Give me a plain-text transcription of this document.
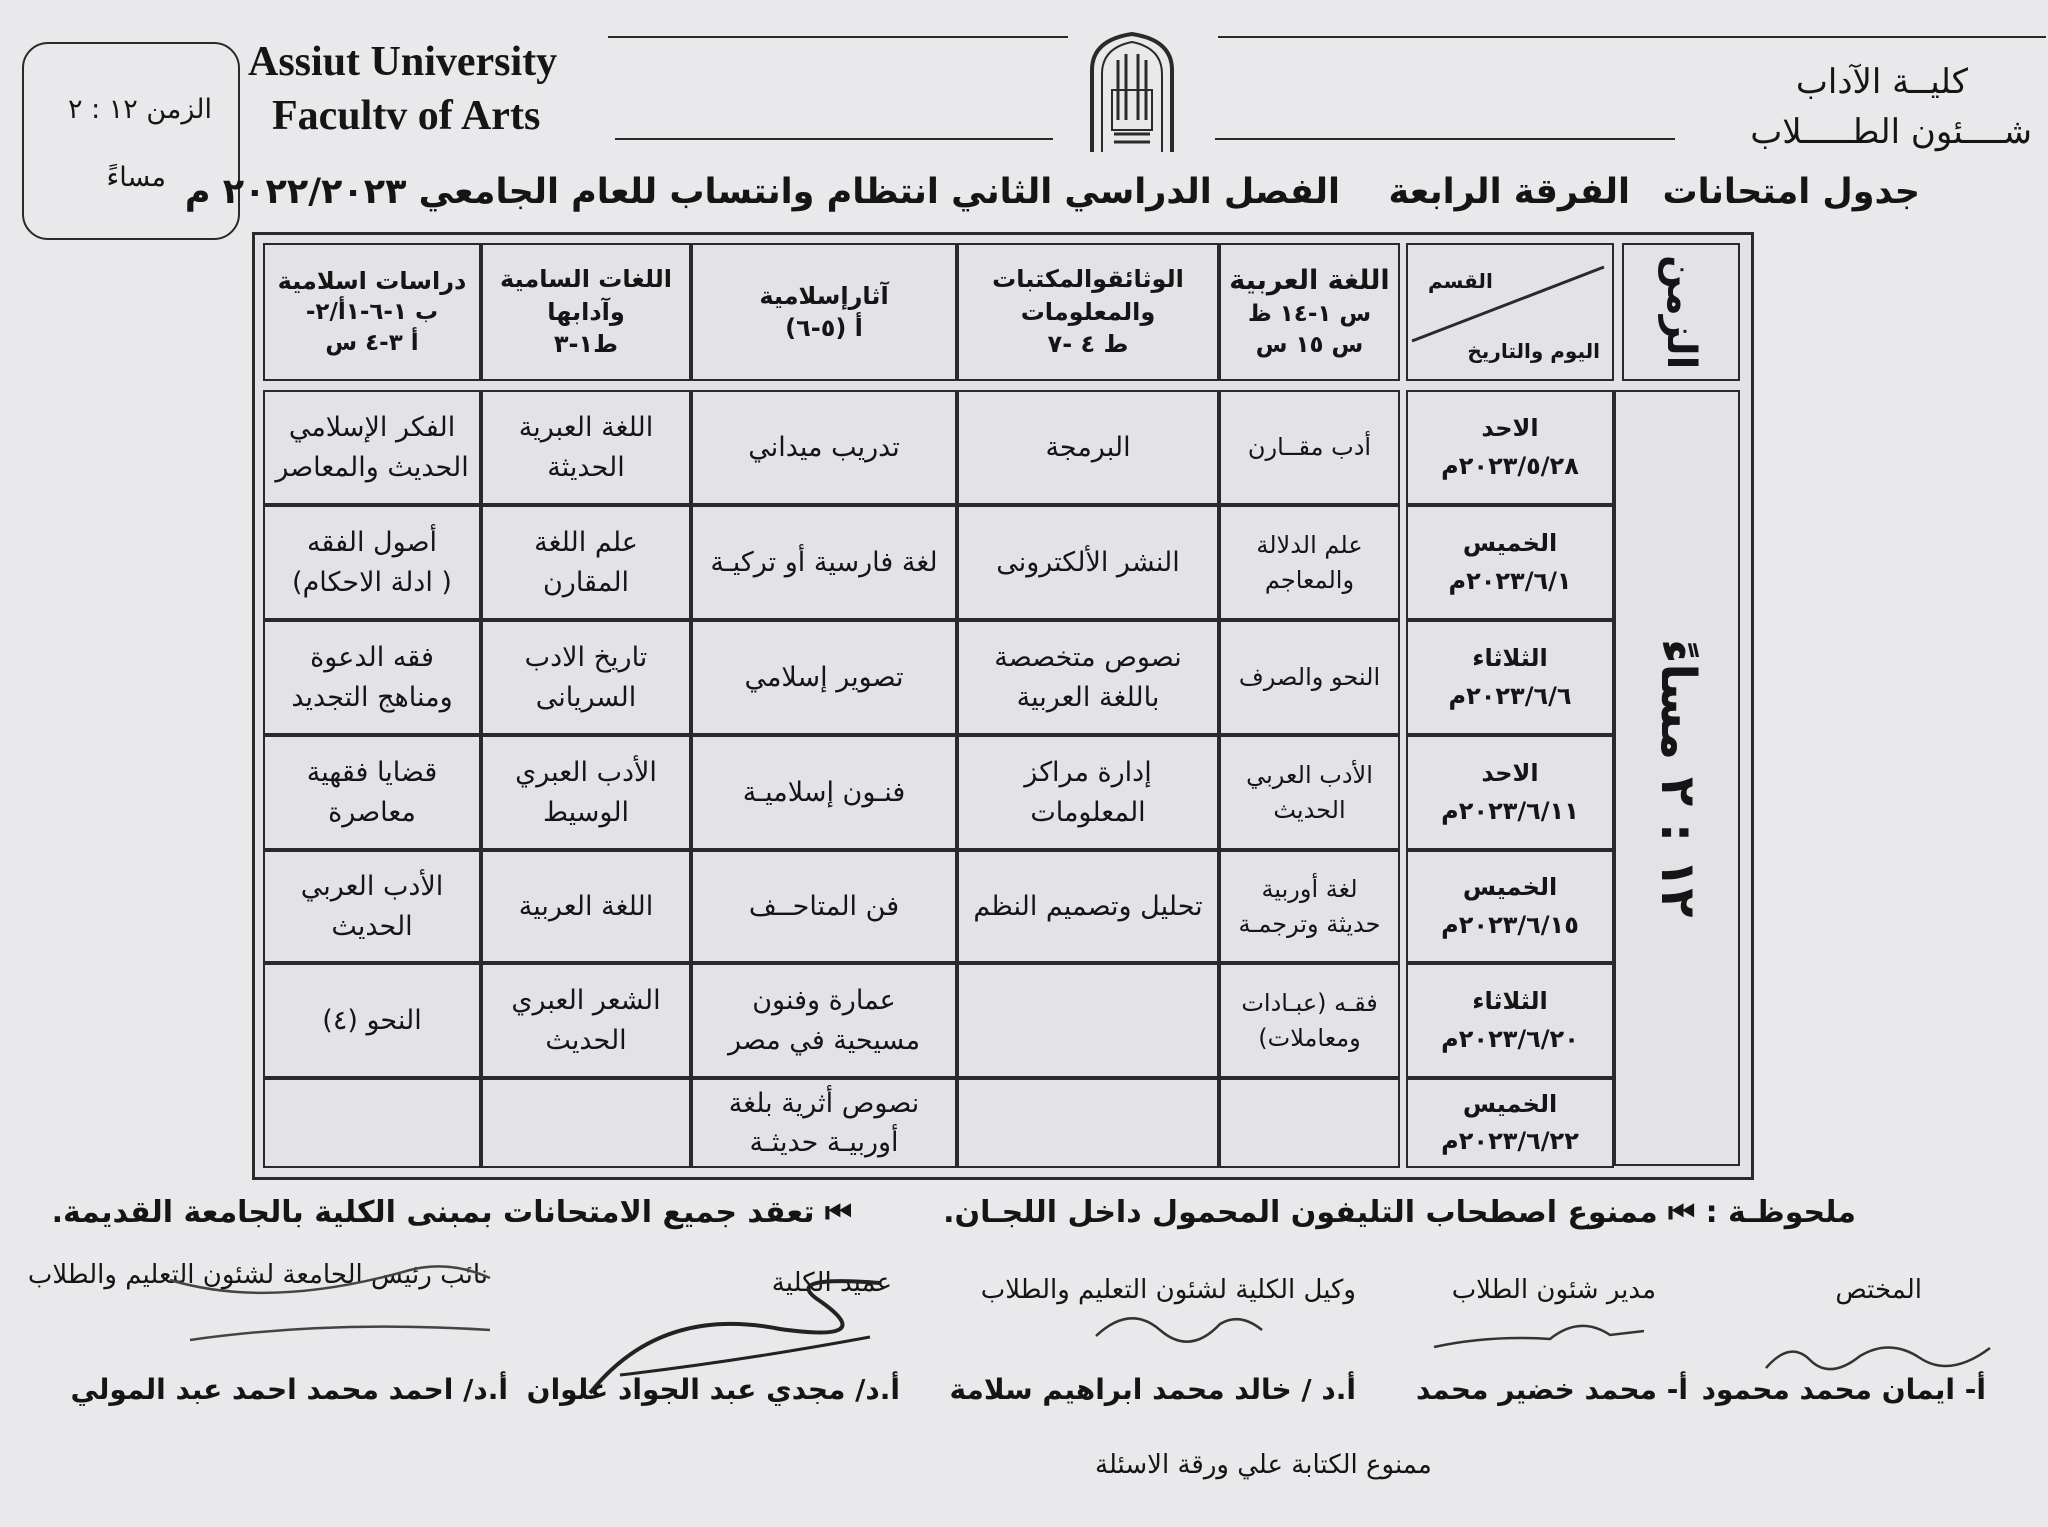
الزمن ١٢ : ٢
مساءً
Assiut University
Facultv of Arts
كليــة الآداب
شــــئون الطـــــلاب
جدول امتحانات
الفرقة الرابعة
الفصل الدراسي الثاني انتظام وانتساب للعام الجامعي ٢٠٢٢/٢٠٢٣ م
الزمن
١٢ : ٢ مساءً
القسم
اليوم والتاريخ
اللغة العربية
س ١-١٤ ظ
س ١٥ س
الوثائقوالمكتبات
والمعلومات
ط ٤ -٧
آثارإسلامية
أ (٥-٦)
اللغات السامية
وآدابها
ط١-٣
دراسات اسلامية
ب ١-٦-١أ/٢-
أ ٣-٤ س
الاحد
٢٠٢٣/٥/٢٨م
أدب مقــارن
البرمجة
تدريب ميداني
اللغة العبرية
الحديثة
الفكر الإسلامي
الحديث والمعاصر
الخميس
٢٠٢٣/٦/١م
علم الدلالة
والمعاجم
النشر الألكترونى
لغة فارسية أو تركيـة
علم اللغة
المقارن
أصول الفقه
( ادلة الاحكام)
الثلاثاء
٢٠٢٣/٦/٦م
النحو والصرف
نصوص متخصصة
باللغة العربية
تصوير إسلامي
تاريخ الادب
السريانى
فقه الدعوة
ومناهج التجديد
الاحد
٢٠٢٣/٦/١١م
الأدب العربي
الحديث
إدارة مراكز
المعلومات
فنـون إسلاميـة
الأدب العبري
الوسيط
قضايا فقهية
معاصرة
الخميس
٢٠٢٣/٦/١٥م
لغة أوربية
حديثة وترجمـة
تحليل وتصميم النظم
فن المتاحــف
اللغة العربية
الأدب العربي
الحديث
الثلاثاء
٢٠٢٣/٦/٢٠م
فقـه (عبـادات
ومعاملات)
عمارة وفنون
مسيحية في مصر
الشعر العبري
الحديث
النحو (٤)
الخميس
٢٠٢٣/٦/٢٢م
نصوص أثرية بلغة
أوربيـة حديثـة
ملحوظـة : ⏮ ممنوع اصطحاب التليفون المحمول داخل اللجـان.
⏮ تعقد جميع الامتحانات بمبنى الكلية بالجامعة القديمة.
المختص
مدير شئون الطلاب
وكيل الكلية لشئون التعليم والطلاب
عميد الكلية
نائب رئيس الجامعة لشئون التعليم والطلاب
أ- ايمان محمد محمود
أ- محمد خضير محمد
أ.د / خالد محمد ابراهيم سلامة
أ.د/ مجدي عبد الجواد علوان
أ.د/ احمد محمد احمد عبد المولي
ممنوع الكتابة علي ورقة الاسئلة
